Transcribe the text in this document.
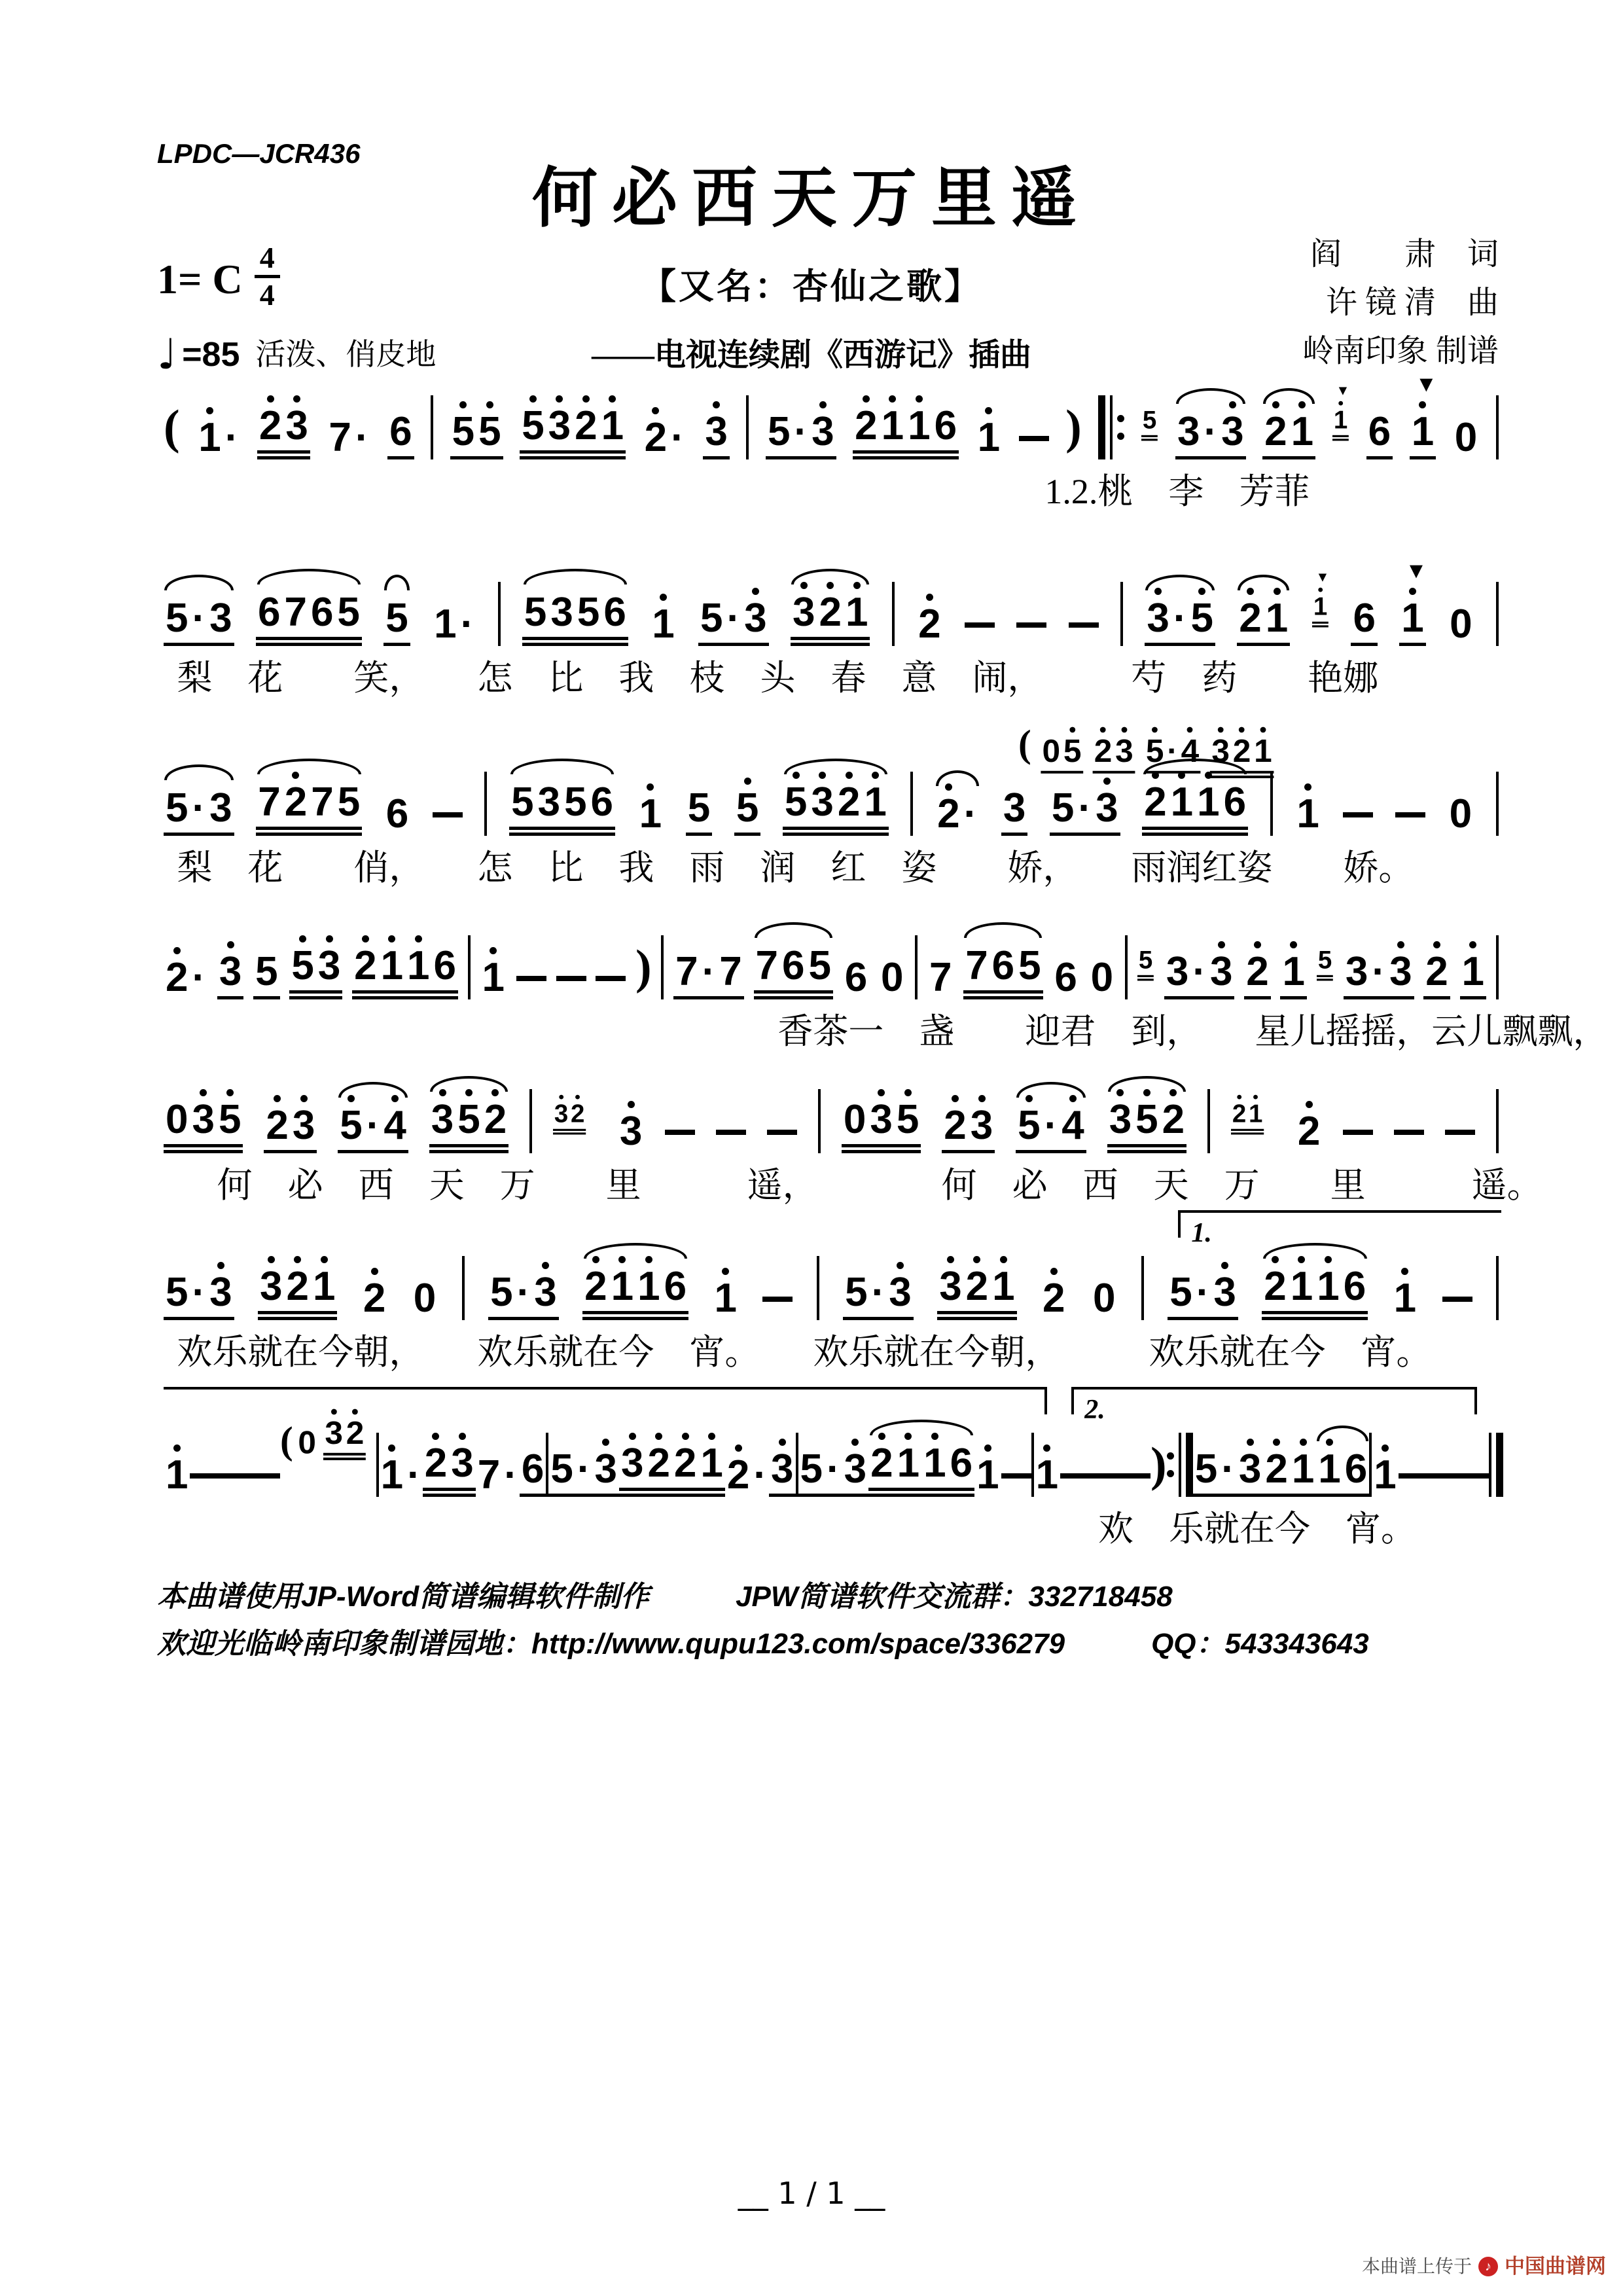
LPDC—JCR436
何必西天万里遥
【又名：杏仙之歌】
——电视连续剧《西游记》插曲
1= C $\frac{4}{4}$
♩ =85 活泼、俏皮地
阎　　肃　词
许 镜 清　曲
岭南印象 制谱
( 1 · 2 3 7 · 6 5 5 5 3 2 1 2 · 3 5 · 3 2 1 1 6 1 ) 5 3 · 3 2 1
▼
1 6
▼
1 0
1.2.桃　李　芳菲
5 · 3 6 7 6 5 5 1 · 5 3 5 6 1 5 · 3 3 2 1 2	3 · 5 2 1
▼
1 6
▼
1 0
梨　花　　笑，　　怎　比　我　枝　头　春　意　闹，　　　芍　药　　艳娜
5 · 3 7 2 7 5 6	5 3 5 6 1 5 5 5 3 2 1 2 · 3 5 · 3 2 1 1 6 1	0
( 0 5 2 3 5 · 4 3 2 1
梨　花　　俏，　　怎　比　我　雨　润　红　姿　　娇，　　雨润红姿　　娇。
2 · 3 5 5 3 2 1 1 6 1	) 7 · 7 7 6 5 6 0 7 7 6 5 6 0 5 3 · 3 2 1 5 3 · 3 2 1
香茶一　盏　　迎君　到，　　星儿摇摇，云儿飘飘，
0 3 5 2 3 5 · 4 3 5 2 3 2 3	0 3 5 2 3 5 · 4 3 5 2 2 1 2
何　必　西　天　万　　里　　　遥，　　　　何　必　西　天　万　　里　　　遥。
5 · 3 3 2 1 2 0 5 · 3 2 1 1 6 1	5 · 3 3 2 1 2 0 5 · 3 2 1 1 6 1
1.
欢乐就在今朝，　　欢乐就在今　宵。　　欢乐就在今朝，　　　欢乐就在今　宵。
1
( 0 3 2
1 · 2 3 7 · 6 5 · 3 3 2 2 1 2 · 3 5 · 3 2 1 1 6 1 1 ) 5 · 3 2 1 1 6 1
2.
欢　乐就在今　宵。
本曲谱使用JP-Word简谱编辑软件制作　　　JPW简谱软件交流群：332718458
欢迎光临岭南印象制谱园地：http://www.qupu123.com/space/336279　　　QQ：543343643
__ 1 / 1 __
本曲谱上传于	♪ 中国曲谱网
